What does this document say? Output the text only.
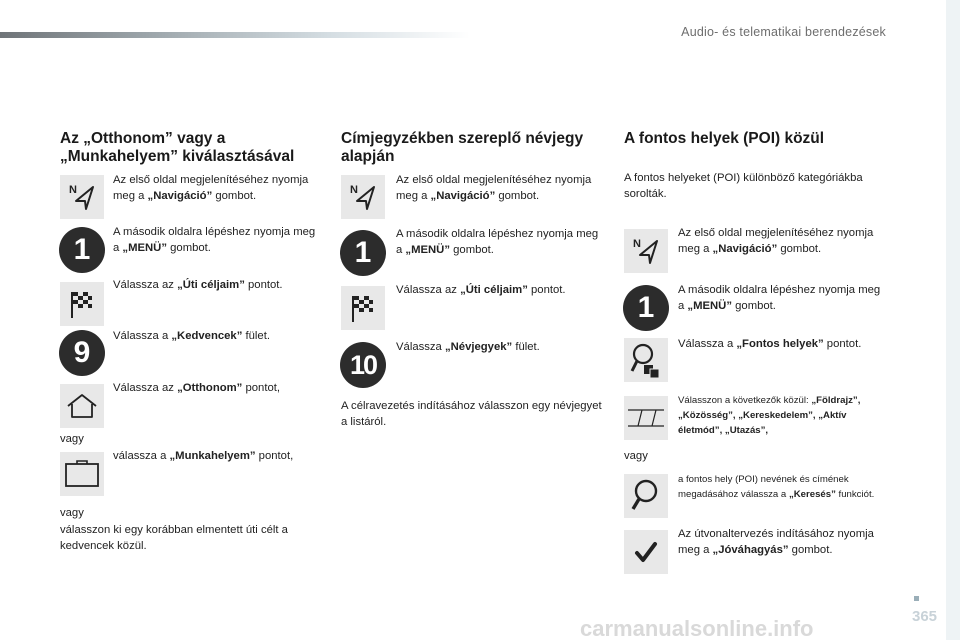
Audio- és telematikai berendezések
Az „Otthonom” vagy a „Munkahelyem” kiválasztásával
N
Az első oldal megjelenítéséhez nyomja meg a „Navigáció” gombot.
1
A második oldalra lépéshez nyomja meg a „MENÜ” gombot.
Válassza az „Úti céljaim” pontot.
9	Válassza a „Kedvencek” fület.
Válassza az „Otthonom” pontot,
vagy
válassza a „Munkahelyem” pontot,
vagy
válasszon ki egy korábban elmentett úti célt a kedvencek közül.
Címjegyzékben szereplő névjegy alapján
N
Az első oldal megjelenítéséhez nyomja meg a „Navigáció” gombot.
1
A második oldalra lépéshez nyomja meg a „MENÜ” gombot.
Válassza az „Úti céljaim” pontot.
10
Válassza „Névjegyek” fület.
A célravezetés indításához válasszon egy névjegyet a listáról.
A fontos helyek (POI) közül
A fontos helyeket (POI) különböző kategóriákba sorolták.
N
Az első oldal megjelenítéséhez nyomja meg a „Navigáció” gombot.
1
A második oldalra lépéshez nyomja meg a „MENÜ” gombot.
Válassza a „Fontos helyek” pontot.
Válasszon a következők közül: „Földrajz”, „Közösség”, „Kereskedelem”, „Aktív életmód”, „Utazás”,
vagy
a fontos hely (POI) nevének és címének megadásához válassza a „Keresés” funkciót.
Az útvonaltervezés indításához nyomja meg a „Jóváhagyás” gombot.
365
carmanualsonline.info
